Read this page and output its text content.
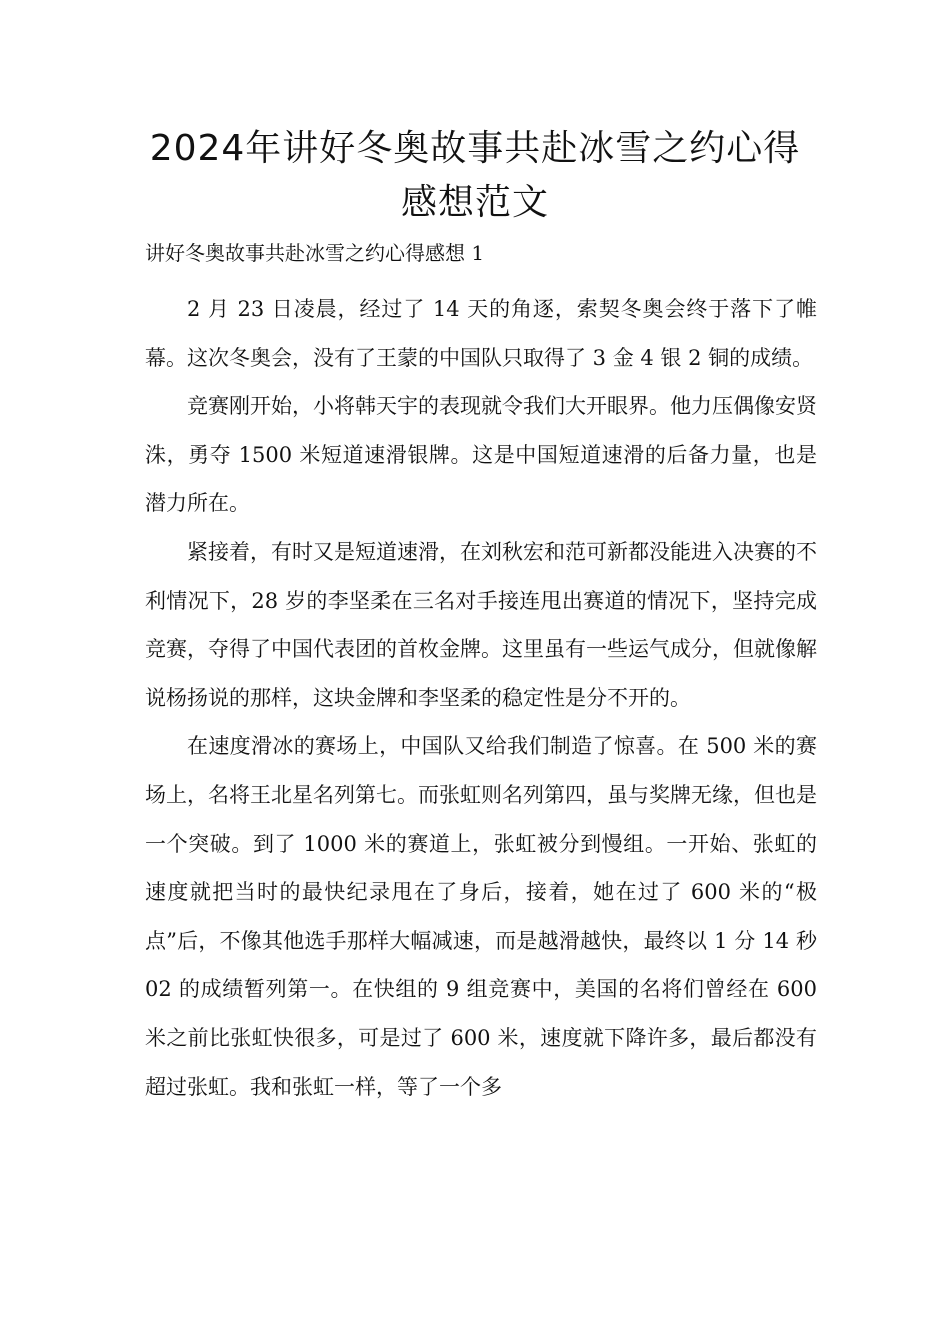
2024年讲好冬奥故事共赴冰雪之约心得
感想范文

讲好冬奥故事共赴冰雪之约心得感想 1

2 月 23 日凌晨，经过了 14 天的角逐，索契冬奥会终于落下了帷幕。这次冬奥会，没有了王蒙的中国队只取得了 3 金 4 银 2 铜的成绩。

竞赛刚开始，小将韩天宇的表现就令我们大开眼界。他力压偶像安贤洙，勇夺 1500 米短道速滑银牌。这是中国短道速滑的后备力量，也是潜力所在。

紧接着，有时又是短道速滑，在刘秋宏和范可新都没能进入决赛的不利情况下，28 岁的李坚柔在三名对手接连甩出赛道的情况下，坚持完成竞赛，夺得了中国代表团的首枚金牌。这里虽有一些运气成分，但就像解说杨扬说的那样，这块金牌和李坚柔的稳定性是分不开的。

在速度滑冰的赛场上，中国队又给我们制造了惊喜。在 500 米的赛场上，名将王北星名列第七。而张虹则名列第四，虽与奖牌无缘，但也是一个突破。到了 1000 米的赛道上，张虹被分到慢组。一开始、张虹的速度就把当时的最快纪录甩在了身后，接着，她在过了 600 米的“极点”后，不像其他选手那样大幅减速，而是越滑越快，最终以 1 分 14 秒 02 的成绩暂列第一。在快组的 9 组竞赛中，美国的名将们曾经在 600 米之前比张虹快很多，可是过了 600 米，速度就下降许多，最后都没有超过张虹。我和张虹一样，等了一个多
